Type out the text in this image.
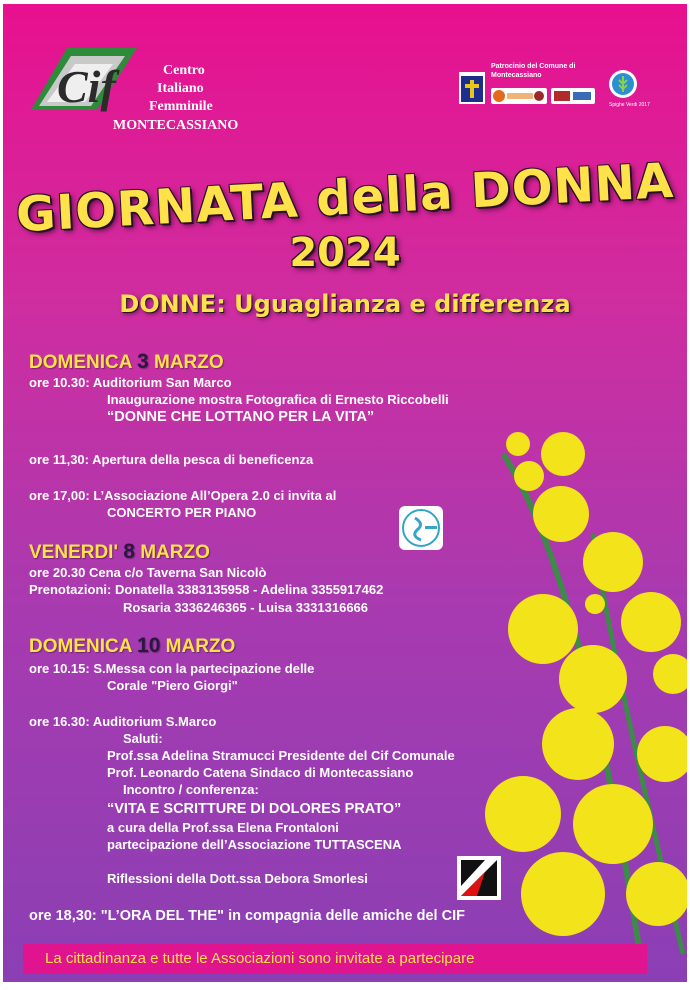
Cif	Centro
Italiano
Femminile
MONTECASSIANO
Patrocinio del Comune di Montecassiano
Spighe Verdi 2017
GIORNATA della DONNA
2024
DONNE: Uguaglianza e differenza
DOMENICA 3 MARZO
ore 10.30: Auditorium San Marco
Inaugurazione mostra Fotografica di Ernesto Riccobelli
“DONNE CHE LOTTANO PER LA VITA”
ore 11,30: Apertura della pesca di beneficenza
ore 17,00: L’Associazione All’Opera 2.0 ci invita al
CONCERTO PER PIANO
VENERDI' 8 MARZO
ore 20.30 Cena c/o Taverna San Nicolò
Prenotazioni: Donatella 3383135958 - Adelina 3355917462
Rosaria 3336246365 - Luisa 3331316666
DOMENICA 10 MARZO
ore 10.15: S.Messa con la partecipazione delle
Corale "Piero Giorgi"
ore 16.30: Auditorium S.Marco
Saluti:
Prof.ssa Adelina Stramucci Presidente del Cif Comunale
Prof. Leonardo Catena Sindaco di Montecassiano
Incontro / conferenza:
“VITA E SCRITTURE DI DOLORES PRATO”
a cura della Prof.ssa Elena Frontaloni
partecipazione dell’Associazione TUTTASCENA
Riflessioni della Dott.ssa Debora Smorlesi
ore 18,30: "L’ORA DEL THE" in compagnia delle amiche del CIF
La cittadinanza e tutte le Associazioni sono invitate a partecipare
